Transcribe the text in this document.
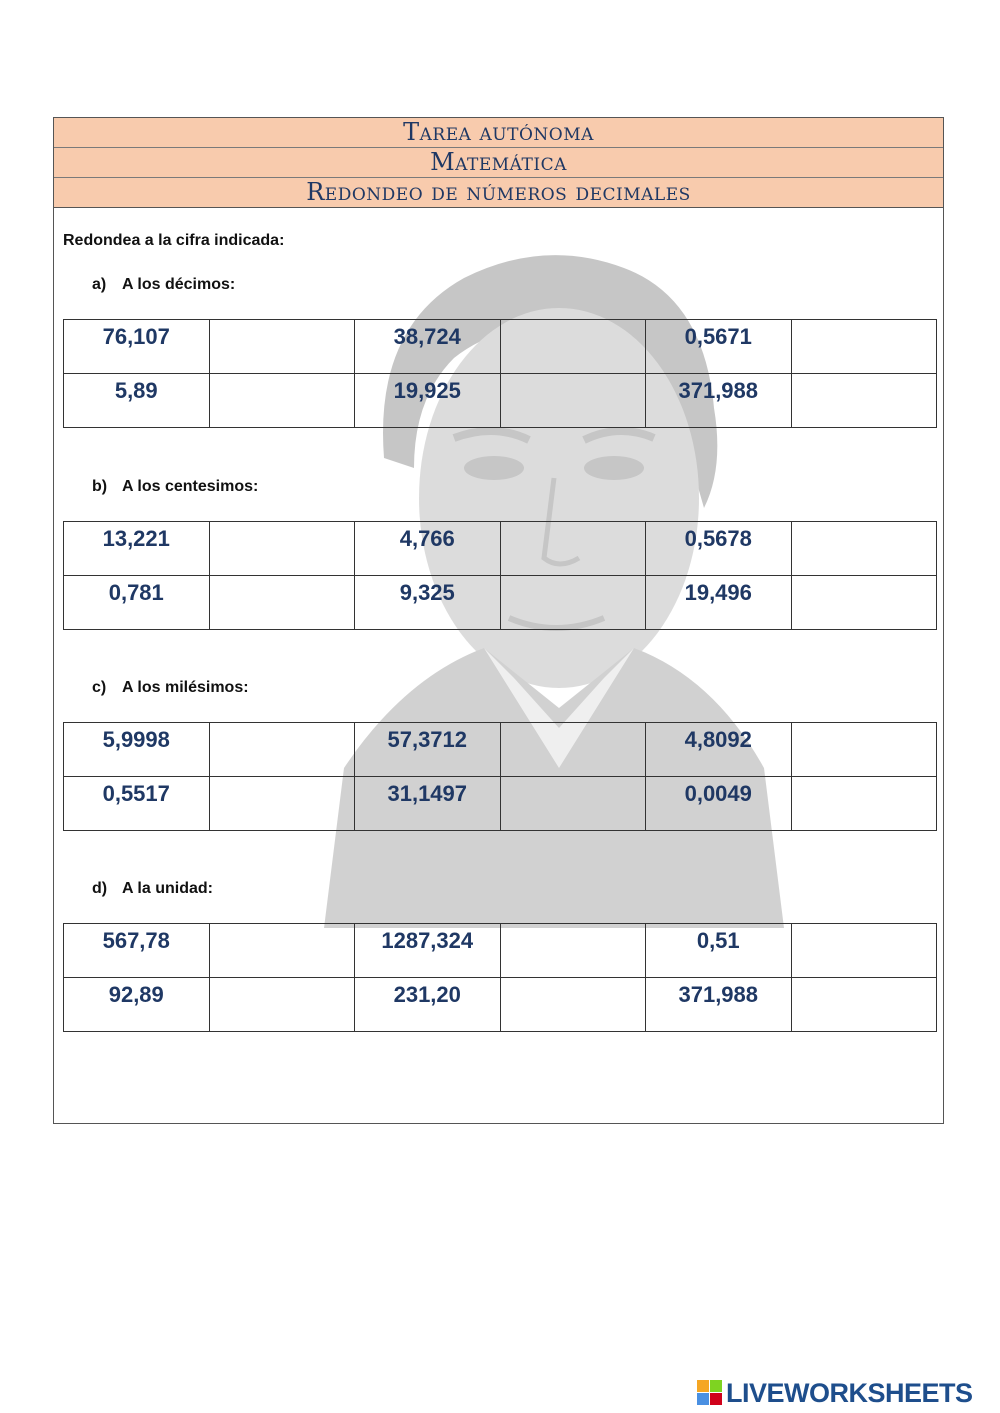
Tarea autónoma
Matemática
Redondeo de números decimales
Redondea a la cifra indicada:
a) A los décimos:
76,107		38,724		0,5671	
5,89		19,925		371,988	
b) A los centesimos:
13,221		4,766		0,5678	
0,781		9,325		19,496	
c) A los milésimos:
5,9998		57,3712		4,8092	
0,5517		31,1497		0,0049	
d) A la unidad:
567,78		1287,324		0,51	
92,89		231,20		371,988	
LIVEWORKSHEETS
